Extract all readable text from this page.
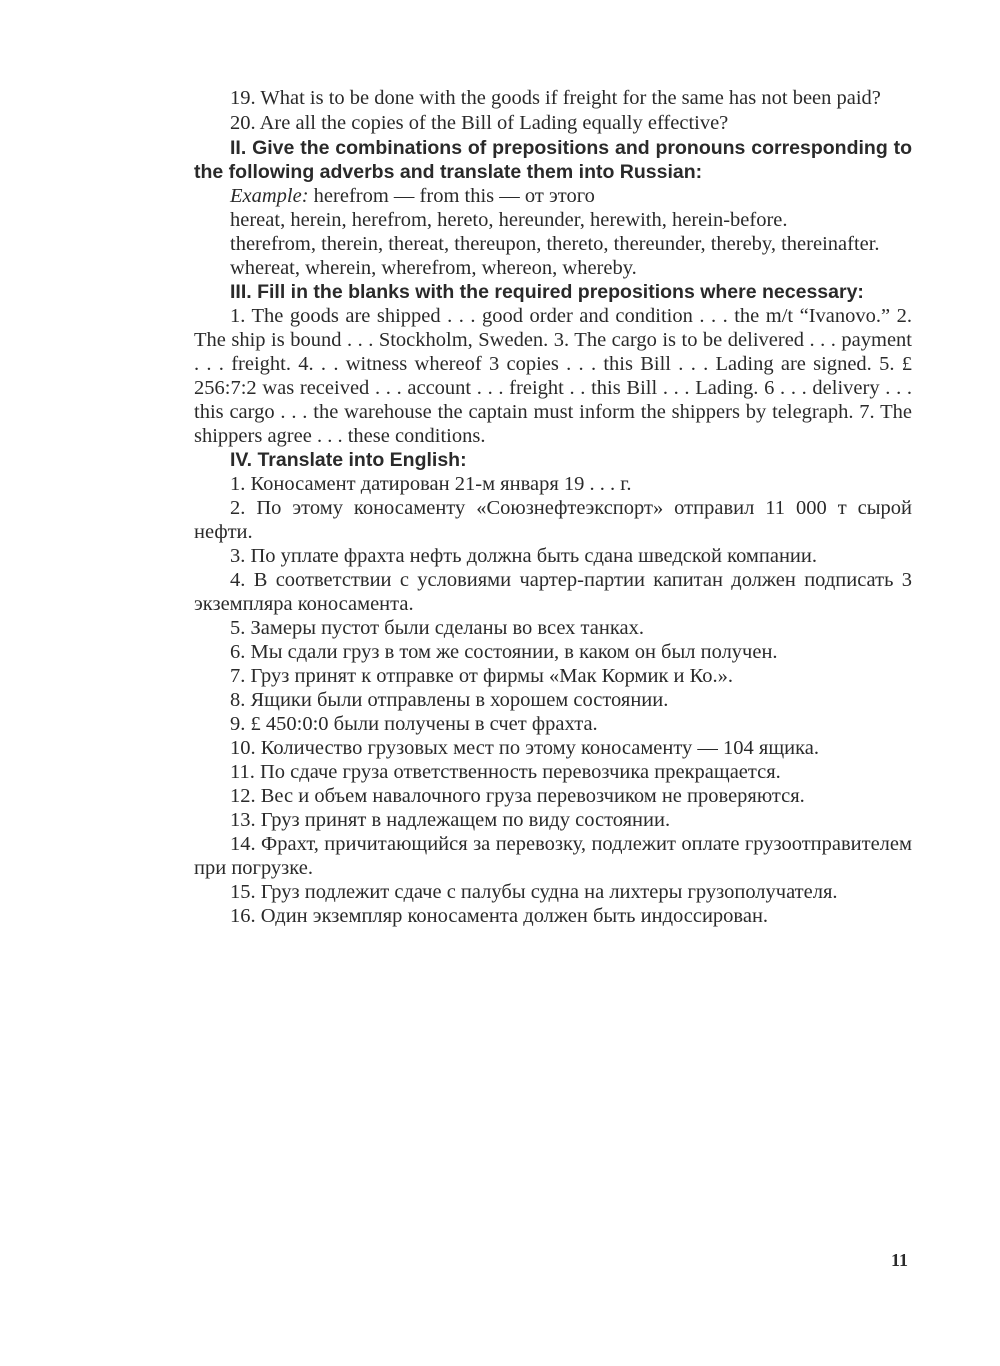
19. What is to be done with the goods if freight for the same has not been paid?

20. Are all the copies of the Bill of Lading equally effective?

II. Give the combinations of prepositions and pronouns corresponding to the following adverbs and translate them into Russian:

Example: herefrom — from this — от этого

hereat, herein, herefrom, hereto, hereunder, herewith, herein-before.

therefrom, therein, thereat, thereupon, thereto, thereunder, thereby, thereinafter.

whereat, wherein, wherefrom, whereon, whereby.

III. Fill in the blanks with the required prepositions where necessary:

1. The goods are shipped . . . good order and condition . . . the m/t “Ivanovo.” 2. The ship is bound . . . Stockholm, Sweden. 3. The cargo is to be delivered . . . payment . . . freight. 4. . . witness whereof 3 copies . . . this Bill . . . Lading are signed. 5. £ 256:7:2 was received . . . account . . . freight . . this Bill . . . Lading. 6 . . . delivery . . . this cargo . . . the warehouse the captain must inform the shippers by telegraph. 7. The shippers agree . . . these conditions.

IV. Translate into English:

1. Коносамент датирован 21-м января 19 . . . г.

2. По этому коносаменту «Союзнефтеэкспорт» отправил 11 000 т сырой нефти.

3. По уплате фрахта нефть должна быть сдана шведской компании.

4. В соответствии с условиями чартер-партии капитан должен подписать 3 экземпляра коносамента.

5. Замеры пустот были сделаны во всех танках.

6. Мы сдали груз в том же состоянии, в каком он был получен.

7. Груз принят к отправке от фирмы «Мак Кормик и Ко.».

8. Ящики были отправлены в хорошем состоянии.

9. £ 450:0:0 были получены в счет фрахта.

10. Количество грузовых мест по этому коносаменту — 104 ящика.

11. По сдаче груза ответственность перевозчика прекращается.

12. Вес и объем навалочного груза перевозчиком не проверяются.

13. Груз принят в надлежащем по виду состоянии.

14. Фрахт, причитающийся за перевозку, подлежит оплате грузоотправителем при погрузке.

15. Груз подлежит сдаче с палубы судна на лихтеры грузополучателя.

16. Один экземпляр коносамента должен быть индоссирован.

11
